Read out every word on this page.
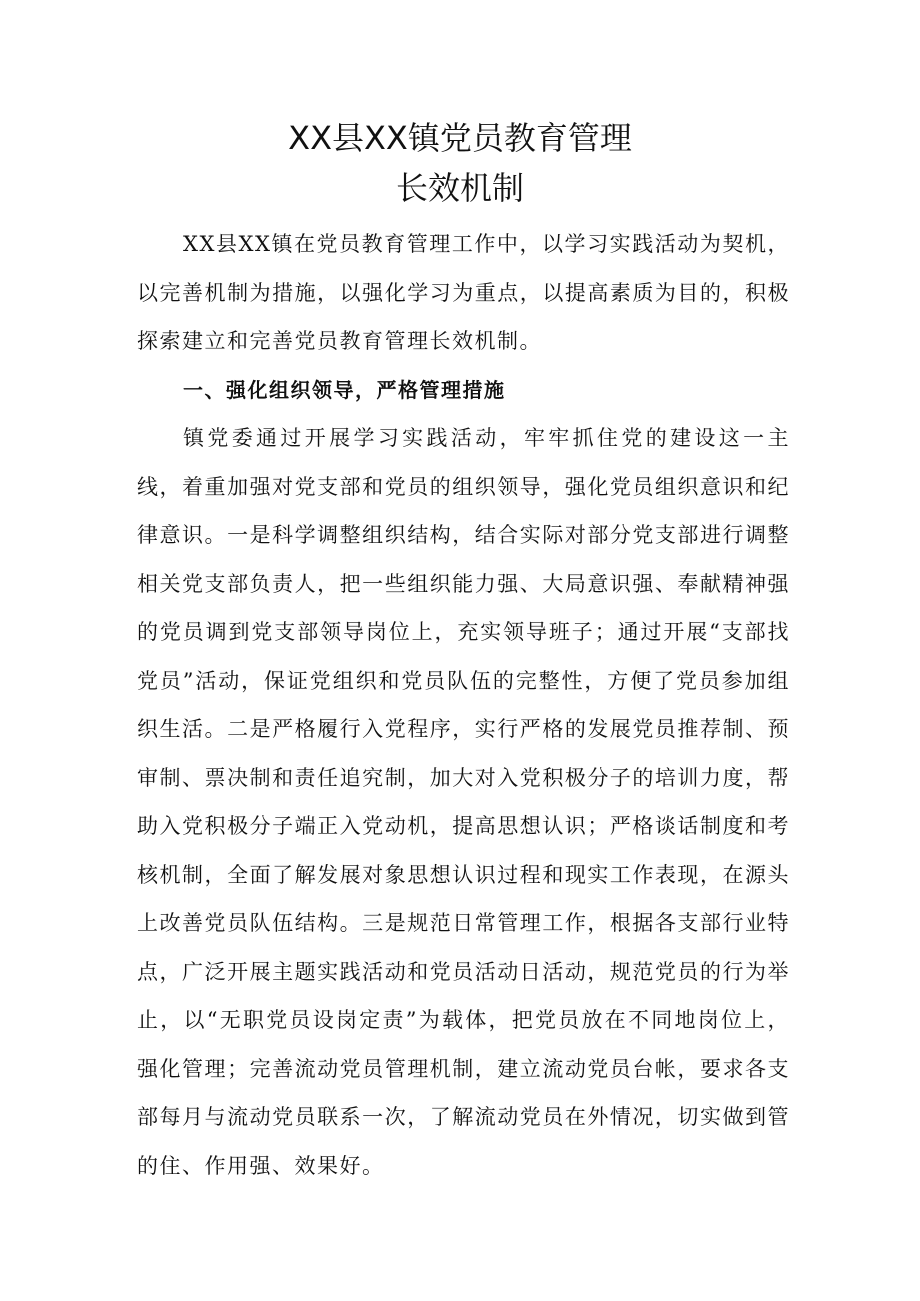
XX县XX镇党员教育管理
长效机制

XX县XX镇在党员教育管理工作中，以学习实践活动为契机，以完善机制为措施，以强化学习为重点，以提高素质为目的，积极探索建立和完善党员教育管理长效机制。

一、强化组织领导，严格管理措施

镇党委通过开展学习实践活动，牢牢抓住党的建设这一主线，着重加强对党支部和党员的组织领导，强化党员组织意识和纪律意识。一是科学调整组织结构，结合实际对部分党支部进行调整相关党支部负责人，把一些组织能力强、大局意识强、奉献精神强的党员调到党支部领导岗位上，充实领导班子；通过开展“支部找党员”活动，保证党组织和党员队伍的完整性，方便了党员参加组织生活。二是严格履行入党程序，实行严格的发展党员推荐制、预审制、票决制和责任追究制，加大对入党积极分子的培训力度，帮助入党积极分子端正入党动机，提高思想认识；严格谈话制度和考核机制，全面了解发展对象思想认识过程和现实工作表现，在源头上改善党员队伍结构。三是规范日常管理工作，根据各支部行业特点，广泛开展主题实践活动和党员活动日活动，规范党员的行为举止，以“无职党员设岗定责”为载体，把党员放在不同地岗位上，强化管理；完善流动党员管理机制，建立流动党员台帐，要求各支部每月与流动党员联系一次，了解流动党员在外情况，切实做到管的住、作用强、效果好。
